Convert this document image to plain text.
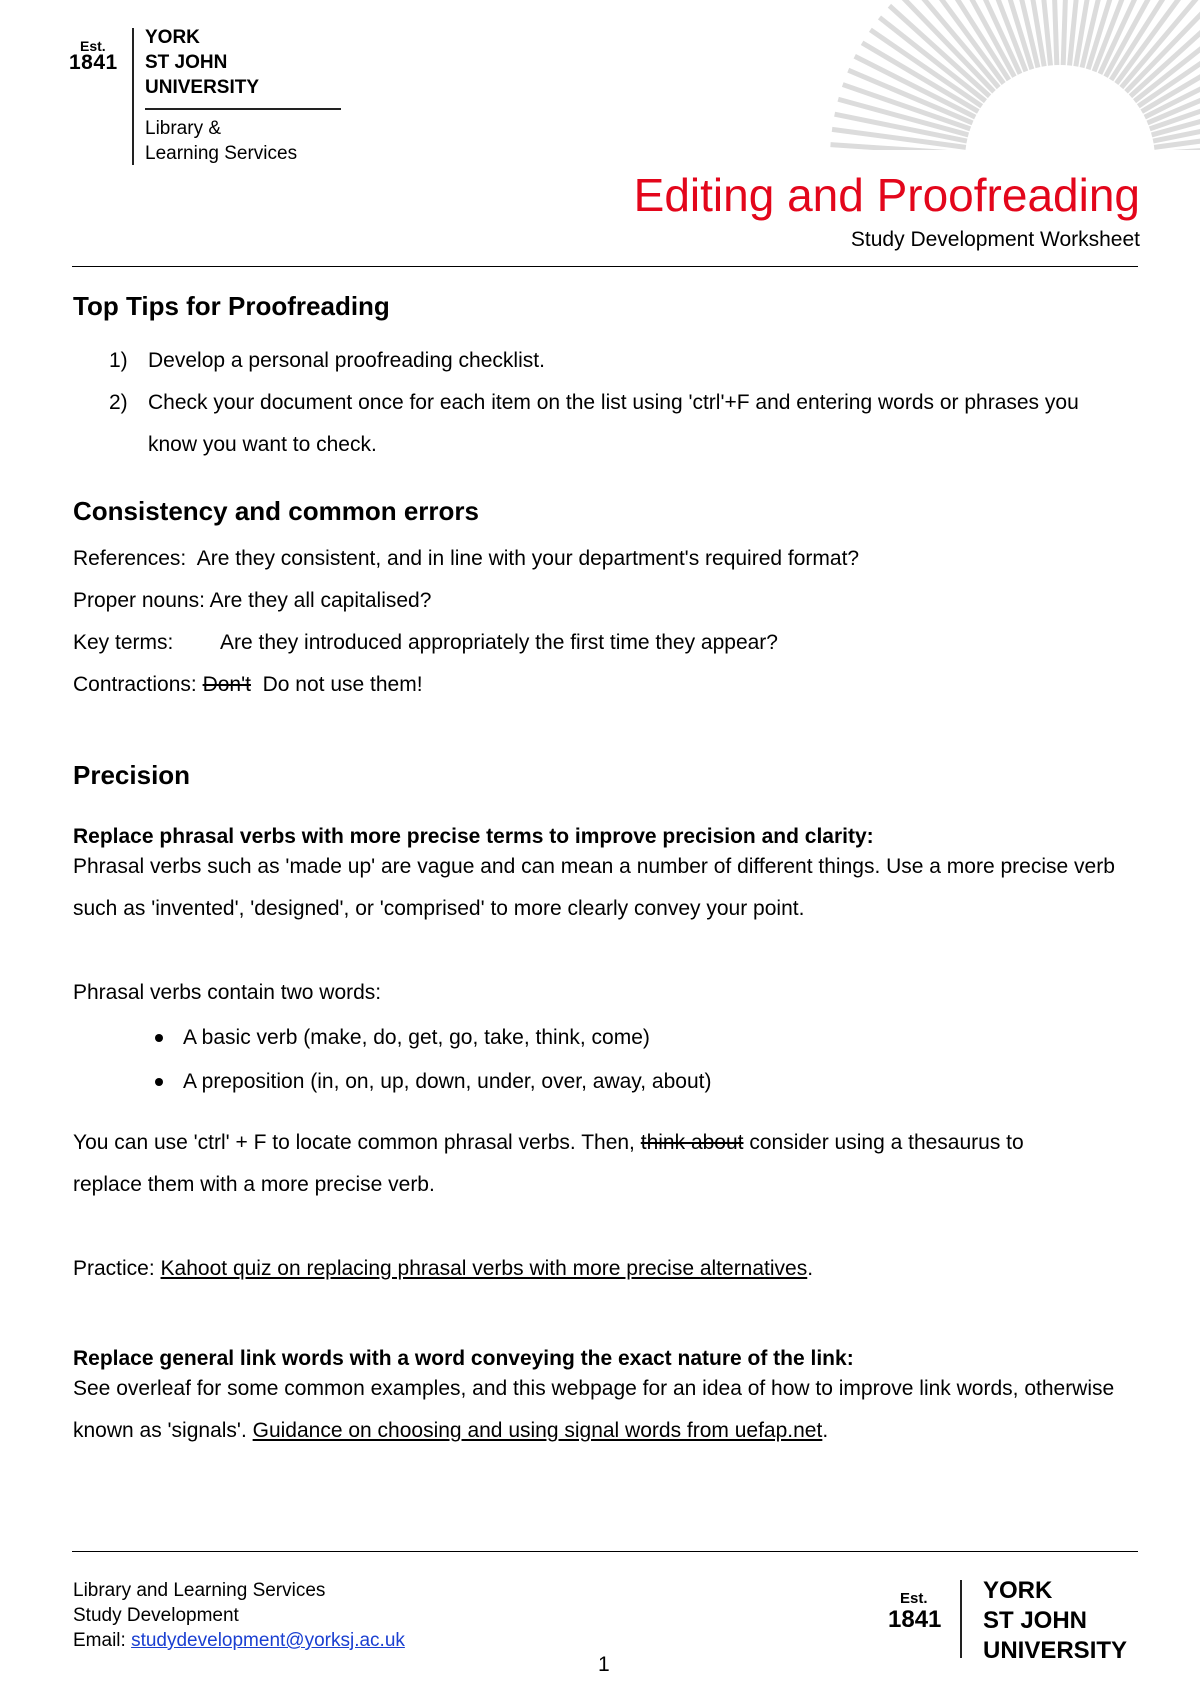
Est.
1841
YORK
ST JOHN
UNIVERSITY
Library &
Learning Services
Editing and Proofreading
Study Development Worksheet
Top Tips for Proofreading
1) Develop a personal proofreading checklist.
2) Check your document once for each item on the list using 'ctrl'+F and entering words or phrases you know you want to check.
Consistency and common errors
References: Are they consistent, and in line with your department's required format?
Proper nouns: Are they all capitalised?
Key terms: Are they introduced appropriately the first time they appear?
Contractions: Don't Do not use them!
Precision
Replace phrasal verbs with more precise terms to improve precision and clarity:
Phrasal verbs such as 'made up' are vague and can mean a number of different things. Use a more precise verb such as 'invented', 'designed', or 'comprised' to more clearly convey your point.
Phrasal verbs contain two words:
A basic verb (make, do, get, go, take, think, come)
A preposition (in, on, up, down, under, over, away, about)
You can use 'ctrl' + F to locate common phrasal verbs. Then, think about consider using a thesaurus to replace them with a more precise verb.
Practice: Kahoot quiz on replacing phrasal verbs with more precise alternatives.
Replace general link words with a word conveying the exact nature of the link:
See overleaf for some common examples, and this webpage for an idea of how to improve link words, otherwise known as 'signals'. Guidance on choosing and using signal words from uefap.net.
Library and Learning Services
Study Development
Email: studydevelopment@yorksj.ac.uk
1
Est.
1841
YORK
ST JOHN
UNIVERSITY
